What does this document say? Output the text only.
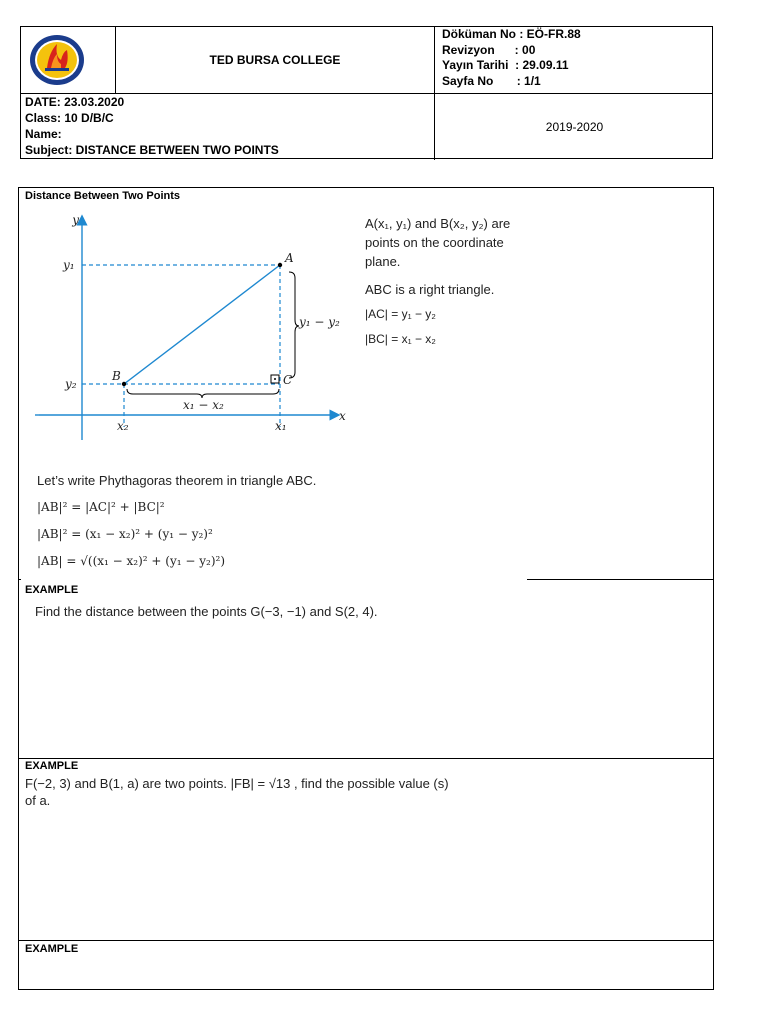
TED BURSA COLLEGE
Döküman No : EÖ-FR.88
Revizyon      : 00
Yayın Tarihi  : 29.09.11
Sayfa No       : 1/1
DATE: 23.03.2020
Class: 10 D/B/C
Name:
Subject: DISTANCE BETWEEN TWO POINTS
2019-2020
Distance Between Two Points
y
x
A
B	C
y₁
y₂
x₂	x₁
y₁ − y₂
x₁ − x₂
A(x₁, y₁) and B(x₂, y₂) are
points on the coordinate
plane.
ABC is a right triangle.
|AC| = y₁ − y₂
|BC| = x₁ − x₂
Let’s write Phythagoras theorem in triangle ABC.
|AB|² = |AC|² + |BC|²
|AB|² = (x₁ − x₂)² + (y₁ − y₂)²
|AB| = √((x₁ − x₂)² + (y₁ − y₂)²)
EXAMPLE
Find the distance between the points G(−3, −1) and S(2, 4).
EXAMPLE
F(−2, 3) and B(1, a) are two points. |FB| = √13 , find the possible value (s)
of a.
EXAMPLE
